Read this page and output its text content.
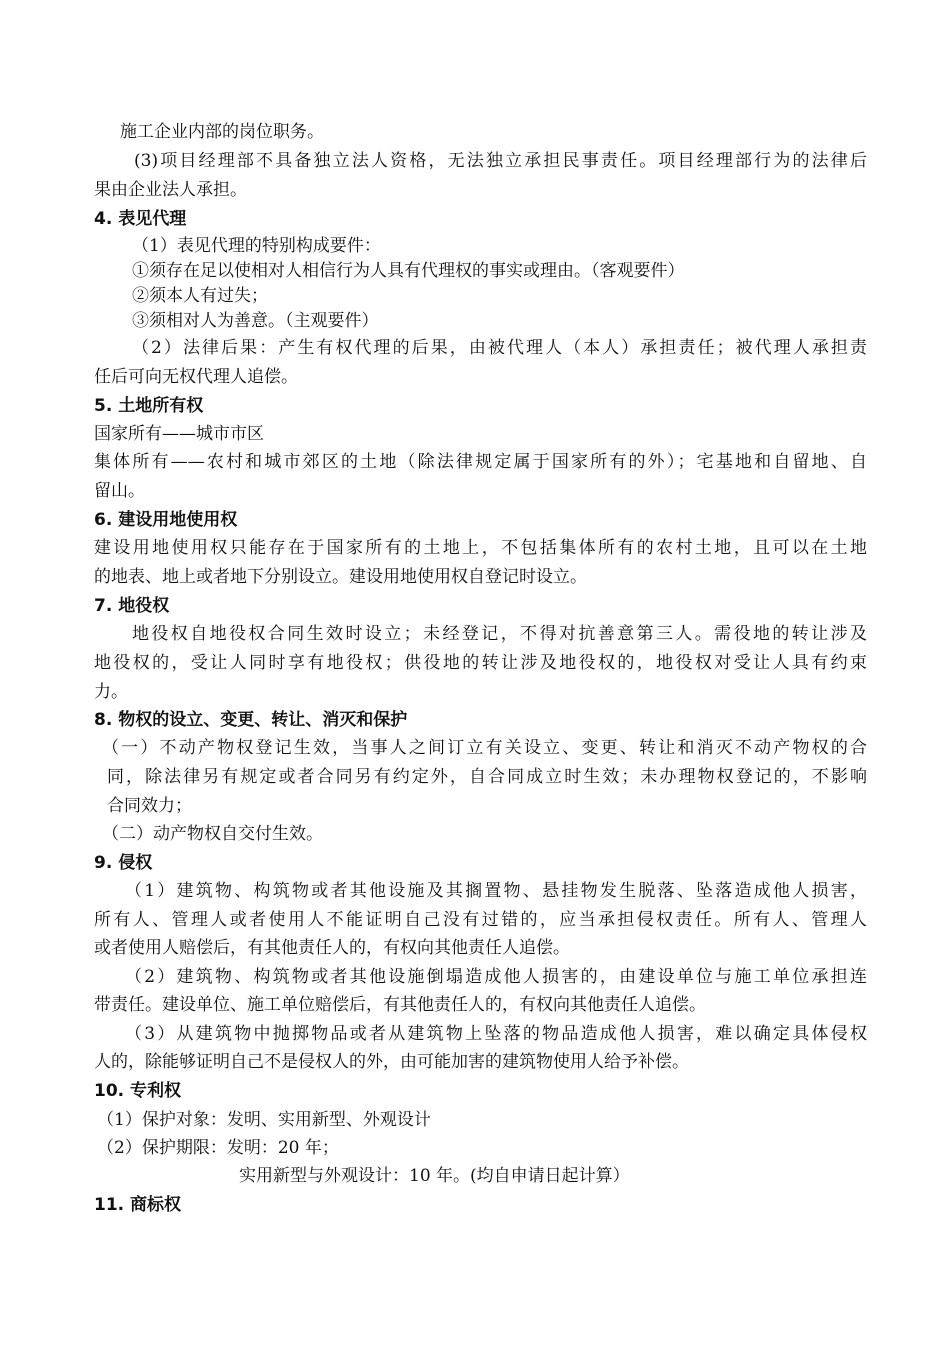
施工企业内部的岗位职务。

(3)项目经理部不具备独立法人资格，无法独立承担民事责任。项目经理部行为的法律后

果由企业法人承担。

4. 表见代理

（1）表见代理的特别构成要件：

①须存在足以使相对人相信行为人具有代理权的事实或理由。（客观要件）

②须本人有过失；

③须相对人为善意。（主观要件）

（2）法律后果：产生有权代理的后果，由被代理人（本人）承担责任；被代理人承担责

任后可向无权代理人追偿。

5. 土地所有权

国家所有——城市市区

集体所有——农村和城市郊区的土地（除法律规定属于国家所有的外）；宅基地和自留地、自

留山。

6. 建设用地使用权

建设用地使用权只能存在于国家所有的土地上，不包括集体所有的农村土地，且可以在土地

的地表、地上或者地下分别设立。建设用地使用权自登记时设立。

7. 地役权

地役权自地役权合同生效时设立；未经登记，不得对抗善意第三人。需役地的转让涉及

地役权的，受让人同时享有地役权；供役地的转让涉及地役权的，地役权对受让人具有约束

力。

8. 物权的设立、变更、转让、消灭和保护

（一）不动产物权登记生效，当事人之间订立有关设立、变更、转让和消灭不动产物权的合

同，除法律另有规定或者合同另有约定外，自合同成立时生效；未办理物权登记的，不影响

合同效力；

（二）动产物权自交付生效。

9. 侵权

（1）建筑物、构筑物或者其他设施及其搁置物、悬挂物发生脱落、坠落造成他人损害，

所有人、管理人或者使用人不能证明自己没有过错的，应当承担侵权责任。所有人、管理人

或者使用人赔偿后，有其他责任人的，有权向其他责任人追偿。

（2）建筑物、构筑物或者其他设施倒塌造成他人损害的，由建设单位与施工单位承担连

带责任。建设单位、施工单位赔偿后，有其他责任人的，有权向其他责任人追偿。

（3）从建筑物中抛掷物品或者从建筑物上坠落的物品造成他人损害，难以确定具体侵权

人的，除能够证明自己不是侵权人的外，由可能加害的建筑物使用人给予补偿。

10. 专利权

（1）保护对象：发明、实用新型、外观设计

（2）保护期限：发明：20 年；

实用新型与外观设计：10 年。(均自申请日起计算）

11. 商标权
